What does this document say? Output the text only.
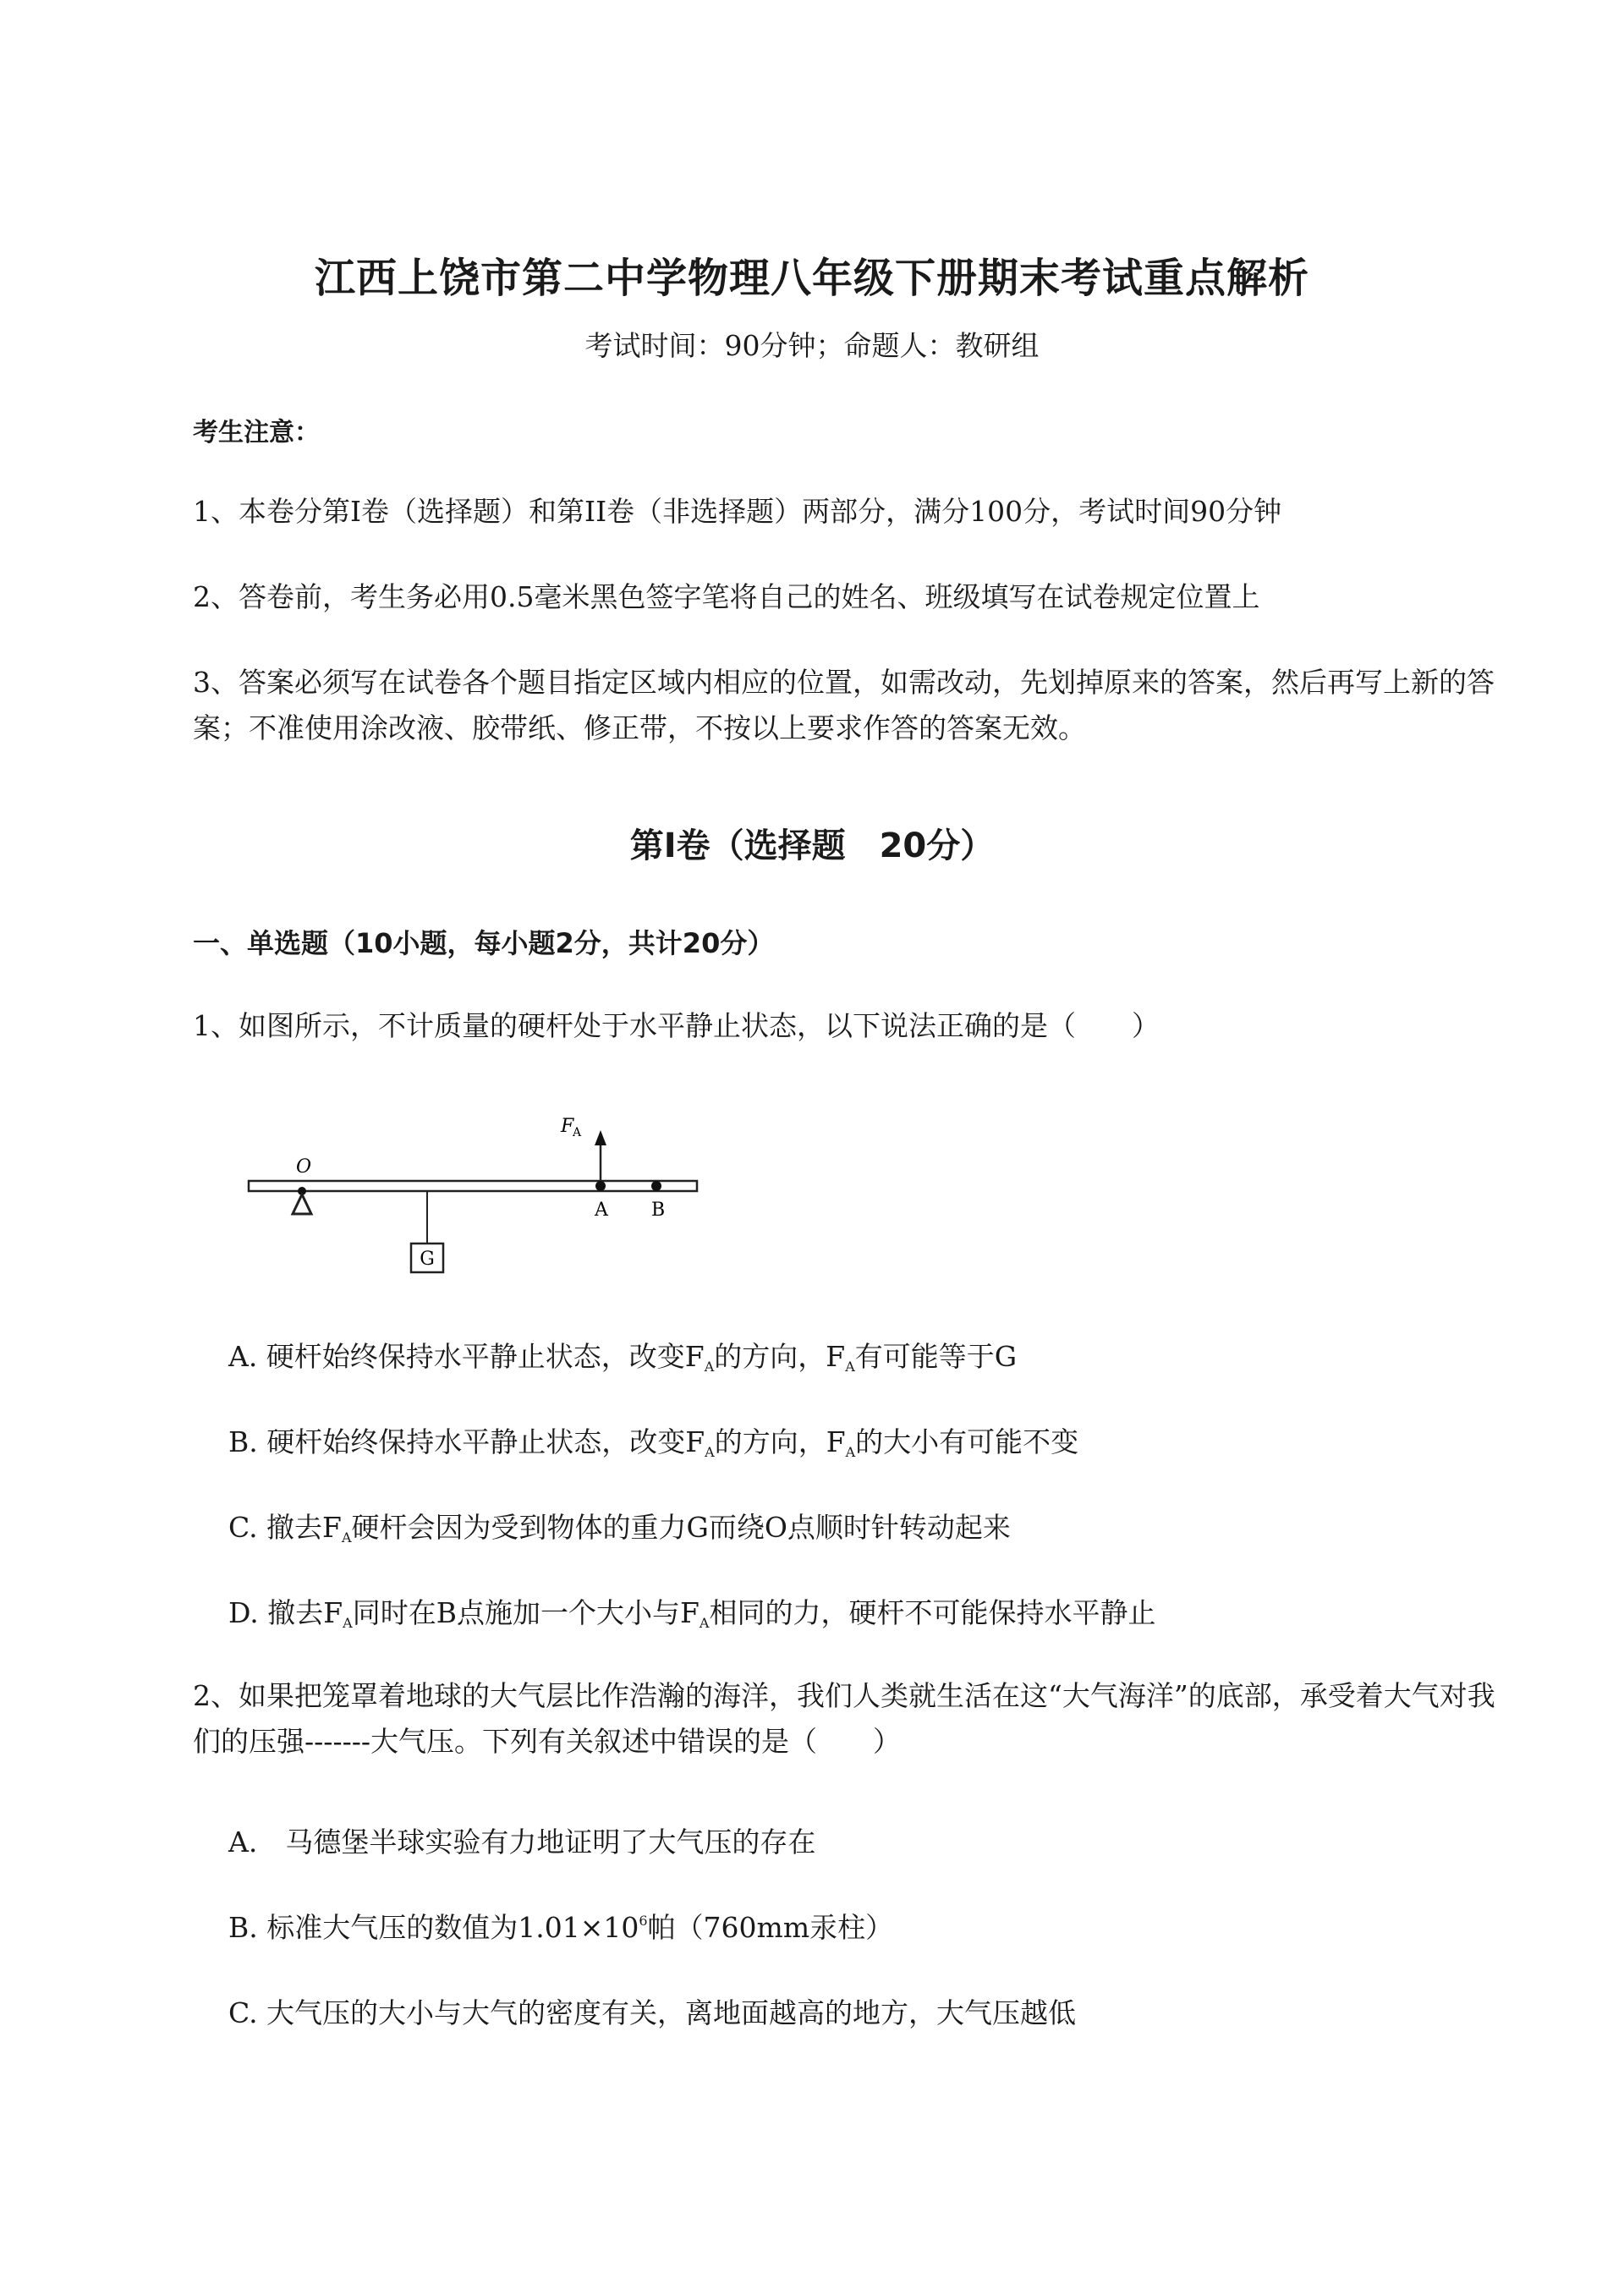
江西上饶市第二中学物理八年级下册期末考试重点解析
考试时间：90分钟；命题人：教研组
考生注意：
1、本卷分第I卷（选择题）和第II卷（非选择题）两部分，满分100分，考试时间90分钟
2、答卷前，考生务必用0.5毫米黑色签字笔将自己的姓名、班级填写在试卷规定位置上
3、答案必须写在试卷各个题目指定区域内相应的位置，如需改动，先划掉原来的答案，然后再写上新的答案；不准使用涂改液、胶带纸、修正带，不按以上要求作答的答案无效。
第I卷（选择题　20分）
一、单选题（10小题，每小题2分，共计20分）
1、如图所示，不计质量的硬杆处于水平静止状态，以下说法正确的是（　　）
O
G
F
A
A B
A. 硬杆始终保持水平静止状态，改变$F_A$的方向，$F_A$有可能等于G
B. 硬杆始终保持水平静止状态，改变$F_A$的方向，$F_A$的大小有可能不变
C. 撤去$F_A$硬杆会因为受到物体的重力G而绕O点顺时针转动起来
D. 撤去$F_A$同时在B点施加一个大小与$F_A$相同的力，硬杆不可能保持水平静止
2、如果把笼罩着地球的大气层比作浩瀚的海洋，我们人类就生活在这“大气海洋”的底部，承受着大气对我们的压强-------大气压。下列有关叙述中错误的是（　　）
A.　马德堡半球实验有力地证明了大气压的存在
B. 标准大气压的数值为$1.01\times 10^6$帕（760mm汞柱）
C. 大气压的大小与大气的密度有关，离地面越高的地方，大气压越低
